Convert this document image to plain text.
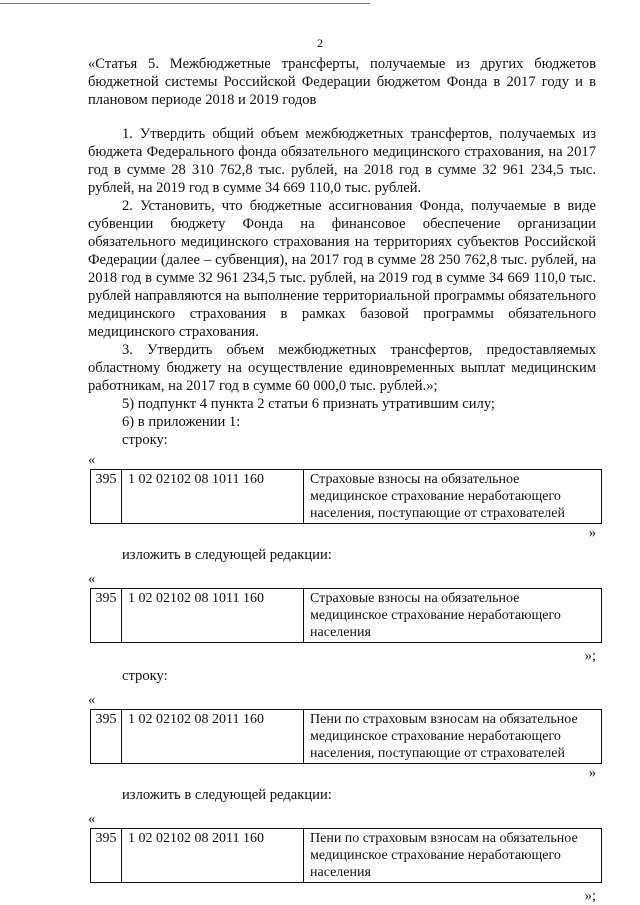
2

«Статья 5. Межбюджетные трансферты, получаемые из других бюджетов бюджетной системы Российской Федерации бюджетом Фонда в 2017 году и в плановом периоде 2018 и 2019 годов

1. Утвердить общий объем межбюджетных трансфертов, получаемых из бюджета Федерального фонда обязательного медицинского страхования, на 2017 год в сумме 28 310 762,8 тыс. рублей, на 2018 год в сумме 32 961 234,5 тыс. рублей, на 2019 год в сумме 34 669 110,0 тыс. рублей.

2. Установить, что бюджетные ассигнования Фонда, получаемые в виде субвенции бюджету Фонда на финансовое обеспечение организации обязательного медицинского страхования на территориях субъектов Российской Федерации (далее – субвенция), на 2017 год в сумме 28 250 762,8 тыс. рублей, на 2018 год в сумме 32 961 234,5 тыс. рублей, на 2019 год в сумме 34 669 110,0 тыс. рублей направляются на выполнение территориальной программы обязательного медицинского страхования в рамках базовой программы обязательного медицинского страхования.

3. Утвердить объем межбюджетных трансфертов, предоставляемых областному бюджету на осуществление единовременных выплат медицинским работникам, на 2017 год в сумме 60 000,0 тыс. рублей.»;

5) подпункт 4 пункта 2 статьи 6 признать утратившим силу;

6) в приложении 1:

строку:

«

395	1 02 02102 08 1011 160	Страховые взносы на обязательное медицинское страхование неработающего населения, поступающие от страхователей

»

изложить в следующей редакции:

«

395	1 02 02102 08 1011 160	Страховые взносы на обязательное медицинское страхование неработающего населения

»;

строку:

«

395	1 02 02102 08 2011 160	Пени по страховым взносам на обязательное медицинское страхование неработающего населения, поступающие от страхователей

»

изложить в следующей редакции:

«

395	1 02 02102 08 2011 160	Пени по страховым взносам на обязательное медицинское страхование неработающего населения

»;
